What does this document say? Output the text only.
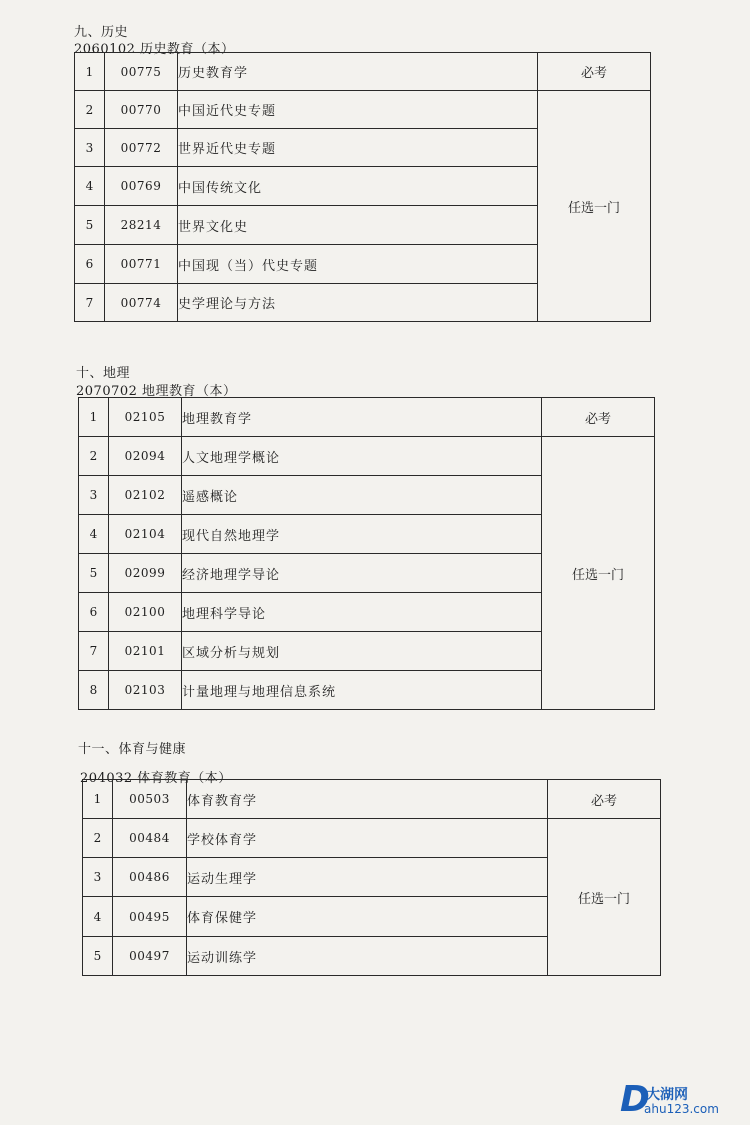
九、历史
2060102 历史教育（本）
1	00775	历史教育学	必考
2	00770	中国近代史专题	任选一门
3	00772	世界近代史专题	
4	00769	中国传统文化	
5	28214	世界文化史	
6	00771	中国现（当）代史专题	
7	00774	史学理论与方法	
十、地理
2070702 地理教育（本）
1	02105	地理教育学	必考
2	02094	人文地理学概论	任选一门
3	02102	遥感概论	
4	02104	现代自然地理学	
5	02099	经济地理学导论	
6	02100	地理科学导论	
7	02101	区域分析与规划	
8	02103	计量地理与地理信息系统	
十一、体育与健康
204032 体育教育（本）
1	00503	体育教育学	必考
2	00484	学校体育学	任选一门
3	00486	运动生理学	
4	00495	体育保健学	
5	00497	运动训练学	
D
大湖网
ahu123.com
